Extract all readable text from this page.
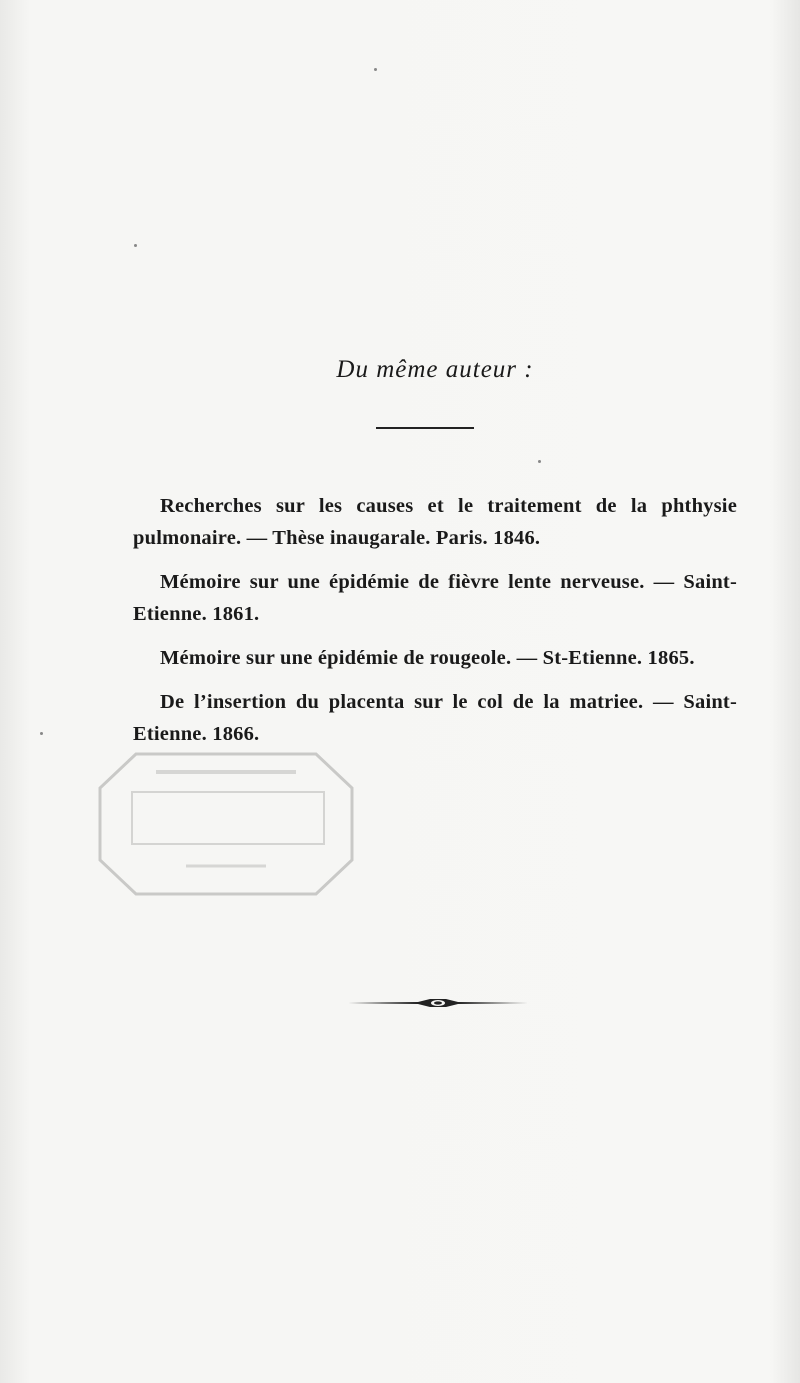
Du même auteur :

Recherches sur les causes et le traitement de la phthysie pulmonaire. — Thèse inaugarale. Paris. 1846.

Mémoire sur une épidémie de fièvre lente nerveuse. — Saint-Etienne. 1861.

Mémoire sur une épidémie de rougeole. — St-Etienne. 1865.

De l’insertion du placenta sur le col de la matriee. — Saint-Etienne. 1866.
